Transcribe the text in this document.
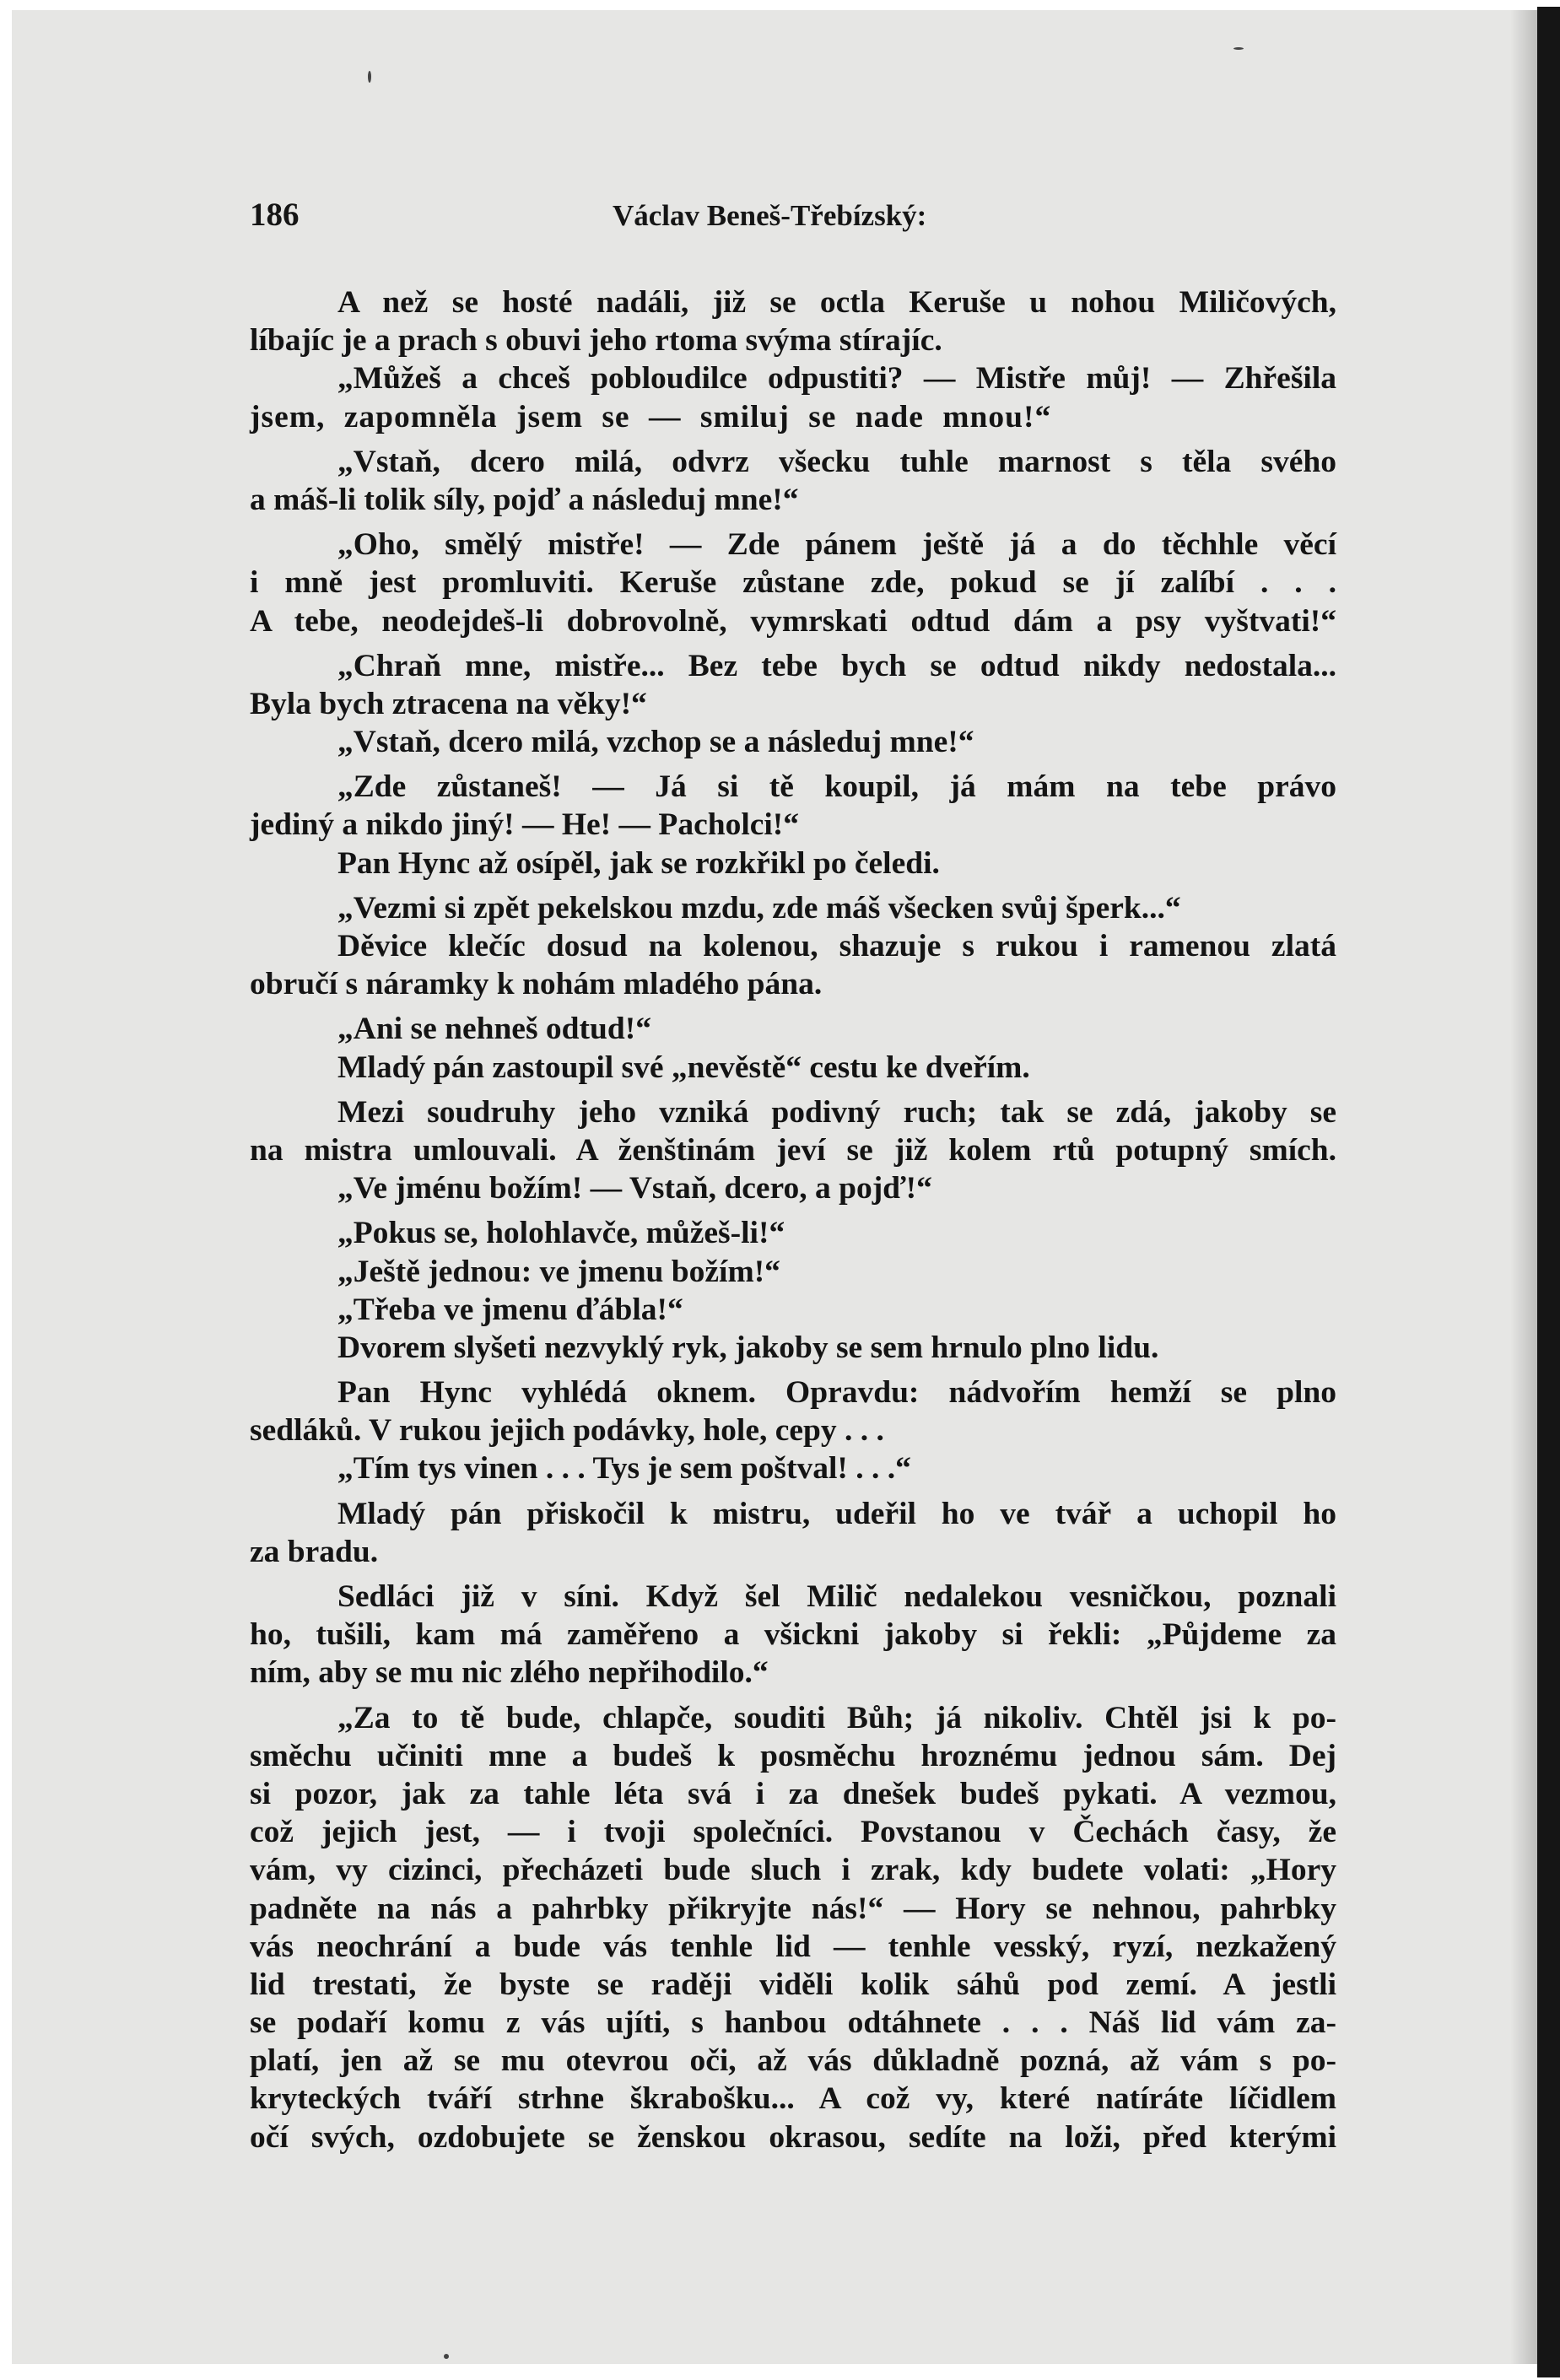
186	Václav Beneš-Třebízský:
A než se hosté nadáli, již se octla Keruše u nohou Miličových,
líbajíc je a prach s obuvi jeho rtoma svýma stírajíc.
„Můžeš a chceš pobloudilce odpustiti? — Mistře můj! — Zhřešila
jsem, zapomněla jsem se — smiluj se nade mnou!“
„Vstaň, dcero milá, odvrz všecku tuhle marnost s těla svého
a máš-li tolik síly, pojď a následuj mne!“
„Oho, smělý mistře! — Zde pánem ještě já a do těchhle věcí
i mně jest promluviti. Keruše zůstane zde, pokud se jí zalíbí . . .
A tebe, neodejdeš-li dobrovolně, vymrskati odtud dám a psy vyštvati!“
„Chraň mne, mistře... Bez tebe bych se odtud nikdy nedostala...
Byla bych ztracena na věky!“
„Vstaň, dcero milá, vzchop se a následuj mne!“
„Zde zůstaneš! — Já si tě koupil, já mám na tebe právo
jediný a nikdo jiný! — He! — Pacholci!“
Pan Hync až osípěl, jak se rozkřikl po čeledi.
„Vezmi si zpět pekelskou mzdu, zde máš všecken svůj šperk...“
Děvice klečíc dosud na kolenou, shazuje s rukou i ramenou zlatá
obručí s náramky k nohám mladého pána.
„Ani se nehneš odtud!“
Mladý pán zastoupil své „nevěstě“ cestu ke dveřím.
Mezi soudruhy jeho vzniká podivný ruch; tak se zdá, jakoby se
na mistra umlouvali. A ženštinám jeví se již kolem rtů potupný smích.
„Ve jménu božím! — Vstaň, dcero, a pojď!“
„Pokus se, holohlavče, můžeš-li!“
„Ještě jednou: ve jmenu božím!“
„Třeba ve jmenu ďábla!“
Dvorem slyšeti nezvyklý ryk, jakoby se sem hrnulo plno lidu.
Pan Hync vyhlédá oknem. Opravdu: nádvořím hemží se plno
sedláků. V rukou jejich podávky, hole, cepy . . .
„Tím tys vinen . . . Tys je sem poštval! . . .“
Mladý pán přiskočil k mistru, udeřil ho ve tvář a uchopil ho
za bradu.
Sedláci již v síni. Když šel Milič nedalekou vesničkou, poznali
ho, tušili, kam má zaměřeno a všickni jakoby si řekli: „Půjdeme za
ním, aby se mu nic zlého nepřihodilo.“
„Za to tě bude, chlapče, souditi Bůh; já nikoliv. Chtěl jsi k po-
směchu učiniti mne a budeš k posměchu hroznému jednou sám. Dej
si pozor, jak za tahle léta svá i za dnešek budeš pykati. A vezmou,
což jejich jest, — i tvoji společníci. Povstanou v Čechách časy, že
vám, vy cizinci, přecházeti bude sluch i zrak, kdy budete volati: „Hory
padněte na nás a pahrbky přikryjte nás!“ — Hory se nehnou, pahrbky
vás neochrání a bude vás tenhle lid — tenhle vesský, ryzí, nezkažený
lid trestati, že byste se raději viděli kolik sáhů pod zemí. A jestli
se podaří komu z vás ujíti, s hanbou odtáhnete . . . Náš lid vám za-
platí, jen až se mu otevrou oči, až vás důkladně pozná, až vám s po-
kryteckých tváří strhne škrabošku... A což vy, které natíráte líčidlem
očí svých, ozdobujete se ženskou okrasou, sedíte na loži, před kterými
